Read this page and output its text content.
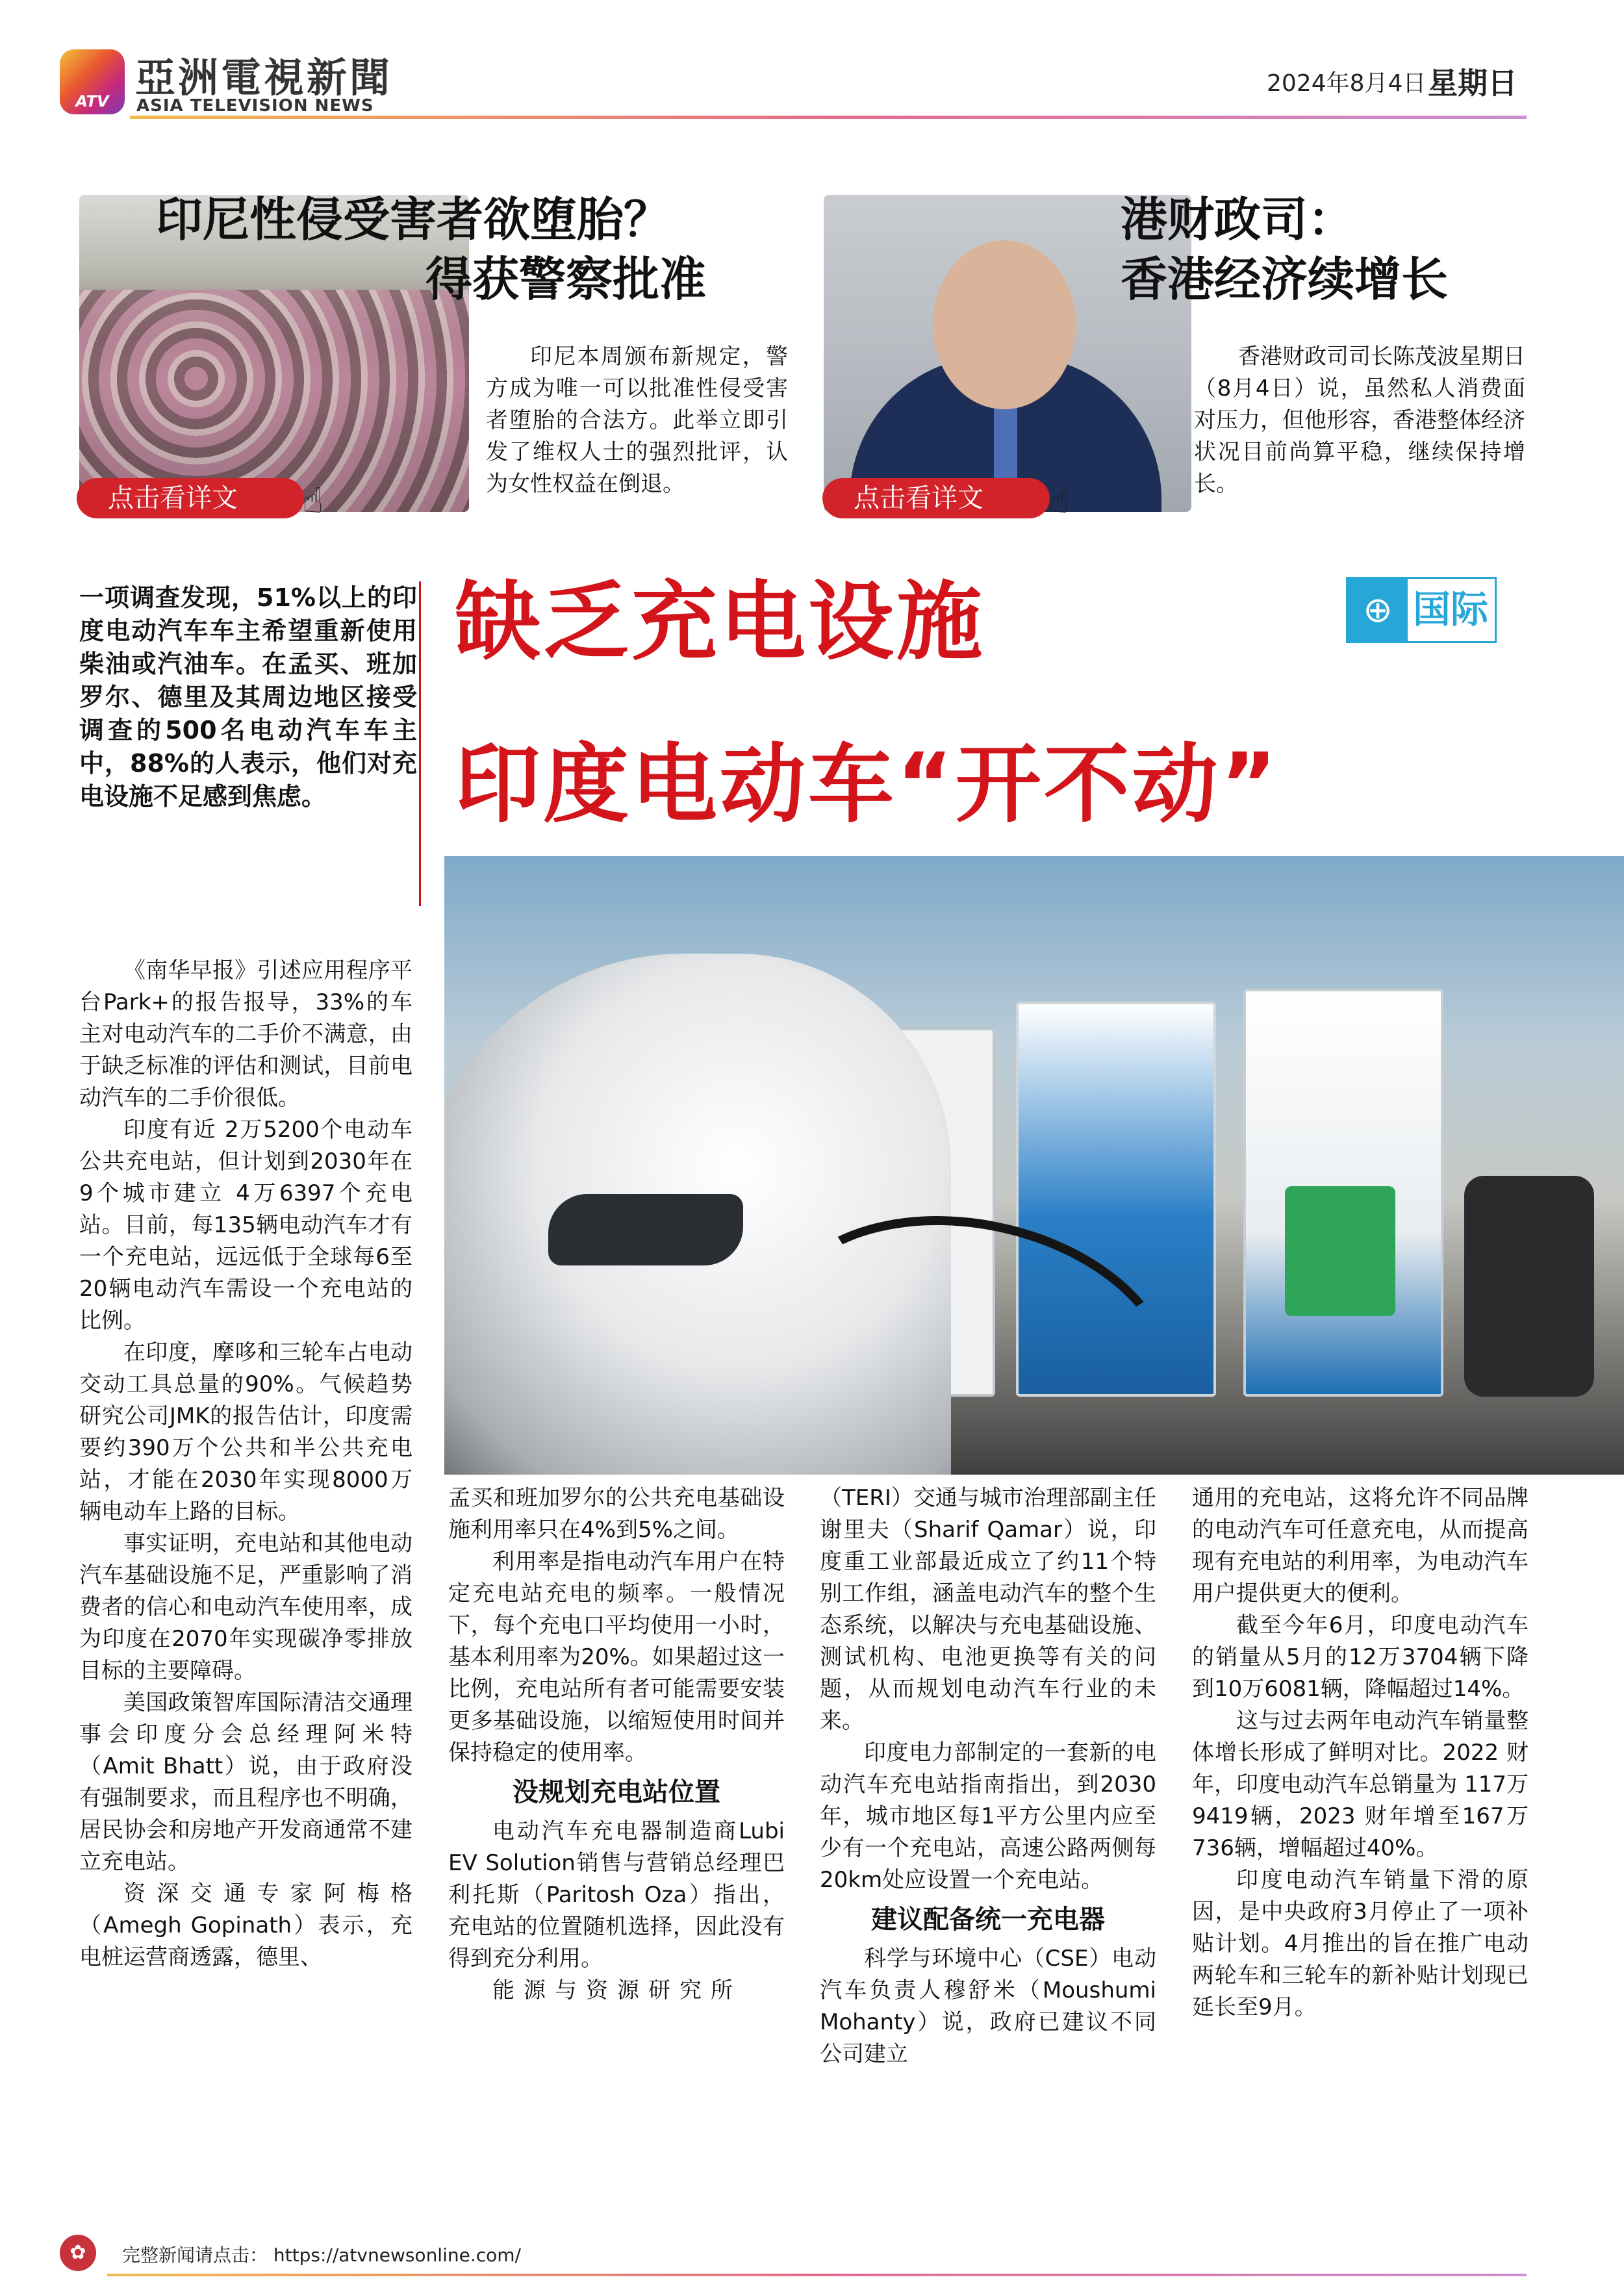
ATV 亞洲電視新聞
ASIA TELEVISION NEWS
2024年8月4日 星期日
印尼性侵受害者欲堕胎？
得获警察批准
印尼本周颁布新规定，警方成为唯一可以批准性侵受害者堕胎的合法方。此举立即引发了维权人士的强烈批评，认为女性权益在倒退。
点击看详文 ☝
港财政司：
香港经济续增长
香港财政司司长陈茂波星期日（8月4日）说，虽然私人消费面对压力，但他形容，香港整体经济状况目前尚算平稳，继续保持增长。
点击看详文 ☝
一项调查发现，51%以上的印度电动汽车车主希望重新使用柴油或汽油车。在孟买、班加罗尔、德里及其周边地区接受调查的500名电动汽车车主中，88%的人表示，他们对充电设施不足感到焦虑。
缺乏充电设施
印度电动车“开不动”
⊕ 国际

《南华早报》引述应用程序平台Park+的报告报导，33%的车主对电动汽车的二手价不满意，由于缺乏标准的评估和测试，目前电动汽车的二手价很低。

印度有近 2万5200个电动车公共充电站，但计划到2030年在9个城市建立 4万6397个充电站。目前，每135辆电动汽车才有一个充电站，远远低于全球每6至20辆电动汽车需设一个充电站的比例。

在印度，摩哆和三轮车占电动交动工具总量的90%。气候趋势研究公司JMK的报告估计，印度需要约390万个公共和半公共充电站，才能在2030年实现8000万辆电动车上路的目标。

事实证明，充电站和其他电动汽车基础设施不足，严重影响了消费者的信心和电动汽车使用率，成为印度在2070年实现碳净零排放目标的主要障碍。

美国政策智库国际清洁交通理事会印度分会总经理阿米特（Amit Bhatt）说，由于政府没有强制要求，而且程序也不明确，居民协会和房地产开发商通常不建立充电站。

资深交通专家阿梅格（Amegh Gopinath）表示，充电桩运营商透露，德里、

孟买和班加罗尔的公共充电基础设施利用率只在4%到5%之间。

利用率是指电动汽车用户在特定充电站充电的频率。一般情况下，每个充电口平均使用一小时，基本利用率为20%。如果超过这一比例，充电站所有者可能需要安装更多基础设施，以缩短使用时间并保持稳定的使用率。

没规划充电站位置

电动汽车充电器制造商Lubi EV Solution销售与营销总经理巴利托斯（Paritosh Oza）指出，充电站的位置随机选择，因此没有得到充分利用。

能源与资源研究所

（TERI）交通与城市治理部副主任谢里夫（Sharif Qamar）说，印度重工业部最近成立了约11个特别工作组，涵盖电动汽车的整个生态系统，以解决与充电基础设施、测试机构、电池更换等有关的问题，从而规划电动汽车行业的未来。

印度电力部制定的一套新的电动汽车充电站指南指出，到2030 年，城市地区每1平方公里内应至少有一个充电站，高速公路两侧每20km处应设置一个充电站。

建议配备统一充电器

科学与环境中心（CSE）电动汽车负责人穆舒米（Moushumi Mohanty）说，政府已建议不同公司建立

通用的充电站，这将允许不同品牌的电动汽车可任意充电，从而提高现有充电站的利用率，为电动汽车用户提供更大的便利。

截至今年6月，印度电动汽车的销量从5月的12万3704辆下降到10万6081辆，降幅超过14%。

这与过去两年电动汽车销量整体增长形成了鲜明对比。2022 财年，印度电动汽车总销量为 117万9419辆，2023 财年增至167万736辆，增幅超过40%。

印度电动汽车销量下滑的原因，是中央政府3月停止了一项补贴计划。4月推出的旨在推广电动两轮车和三轮车的新补贴计划现已延长至9月。

✿	完整新闻请点击： https://atvnewsonline.com/
